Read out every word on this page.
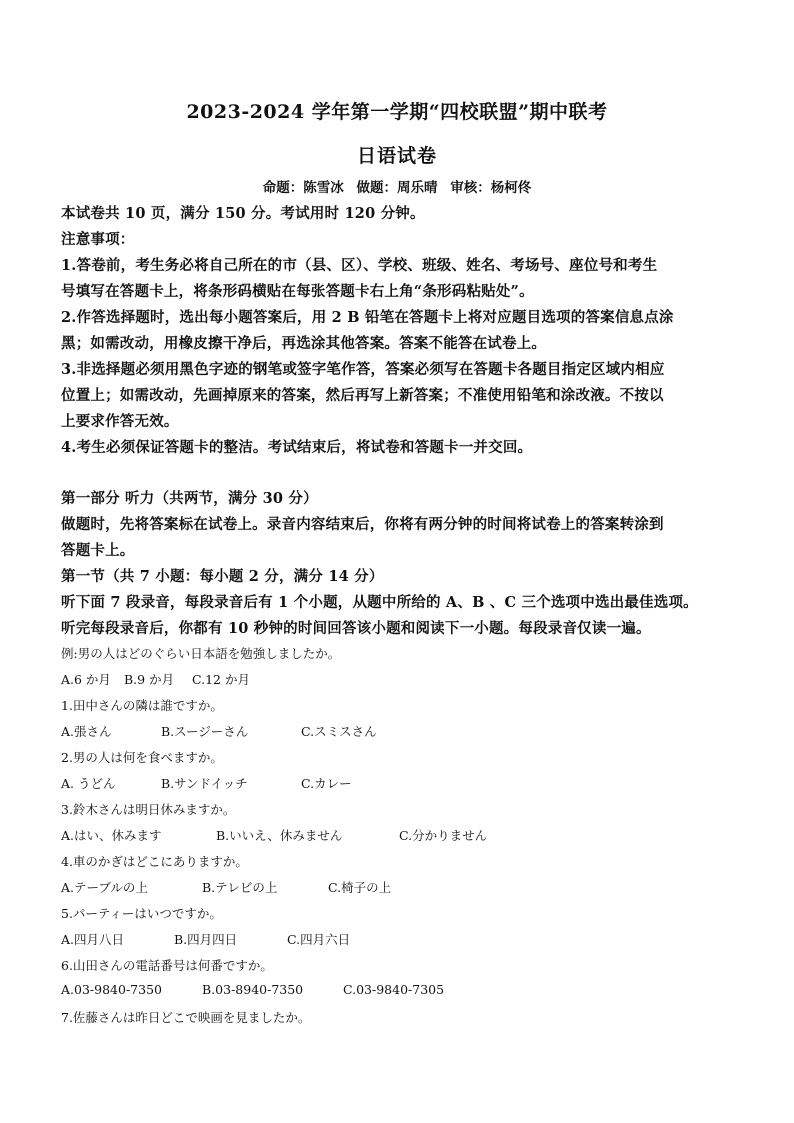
2023-2024 学年第一学期“四校联盟”期中联考
日语试卷
命题：陈雪冰 做题：周乐晴 审核：杨柯佟
本试卷共 10 页，满分 150 分。考试用时 120 分钟。
注意事项：
1.答卷前，考生务必将自己所在的市（县、区）、学校、班级、姓名、考场号、座位号和考生
号填写在答题卡上，将条形码横贴在每张答题卡右上角“条形码粘贴处”。
2.作答选择题时，选出每小题答案后，用 2 B 铅笔在答题卡上将对应题目选项的答案信息点涂
黑；如需改动，用橡皮擦干净后，再选涂其他答案。答案不能答在试卷上。
3.非选择题必须用黑色字迹的钢笔或签字笔作答，答案必须写在答题卡各题目指定区域内相应
位置上；如需改动，先画掉原来的答案，然后再写上新答案；不准使用铅笔和涂改液。不按以
上要求作答无效。
4.考生必须保证答题卡的整洁。考试结束后，将试卷和答题卡一并交回。
第一部分 听力（共两节，满分 30 分）
做题时，先将答案标在试卷上。录音内容结束后，你将有两分钟的时间将试卷上的答案转涂到
答题卡上。
第一节（共 7 小题：每小题 2 分，满分 14 分）
听下面 7 段录音，每段录音后有 1 个小题，从题中所给的 A、B 、C 三个选项中选出最佳选项。
听完每段录音后，你都有 10 秒钟的时间回答该小题和阅读下一小题。每段录音仅读一遍。
例:男の人はどのぐらい日本語を勉強しましたか。
A.6 か月 B.9 か月 C.12 か月
1.田中さんの隣は誰ですか。
A.張さん	B.スージーさん	C.スミスさん
2.男の人は何を食べますか。
A. うどん	B.サンドイッチ	C.カレー
3.鈴木さんは明日休みますか。
A.はい、休みます	B.いいえ、休みません	C.分かりません
4.車のかぎはどこにありますか。
A.テーブルの上	B.テレビの上	C.椅子の上
5.パーティーはいつですか。
A.四月八日	B.四月四日	C.四月六日
6.山田さんの電話番号は何番ですか。
A.03-9840-7350	B.03-8940-7350	C.03-9840-7305
7.佐藤さんは昨日どこで映画を見ましたか。
